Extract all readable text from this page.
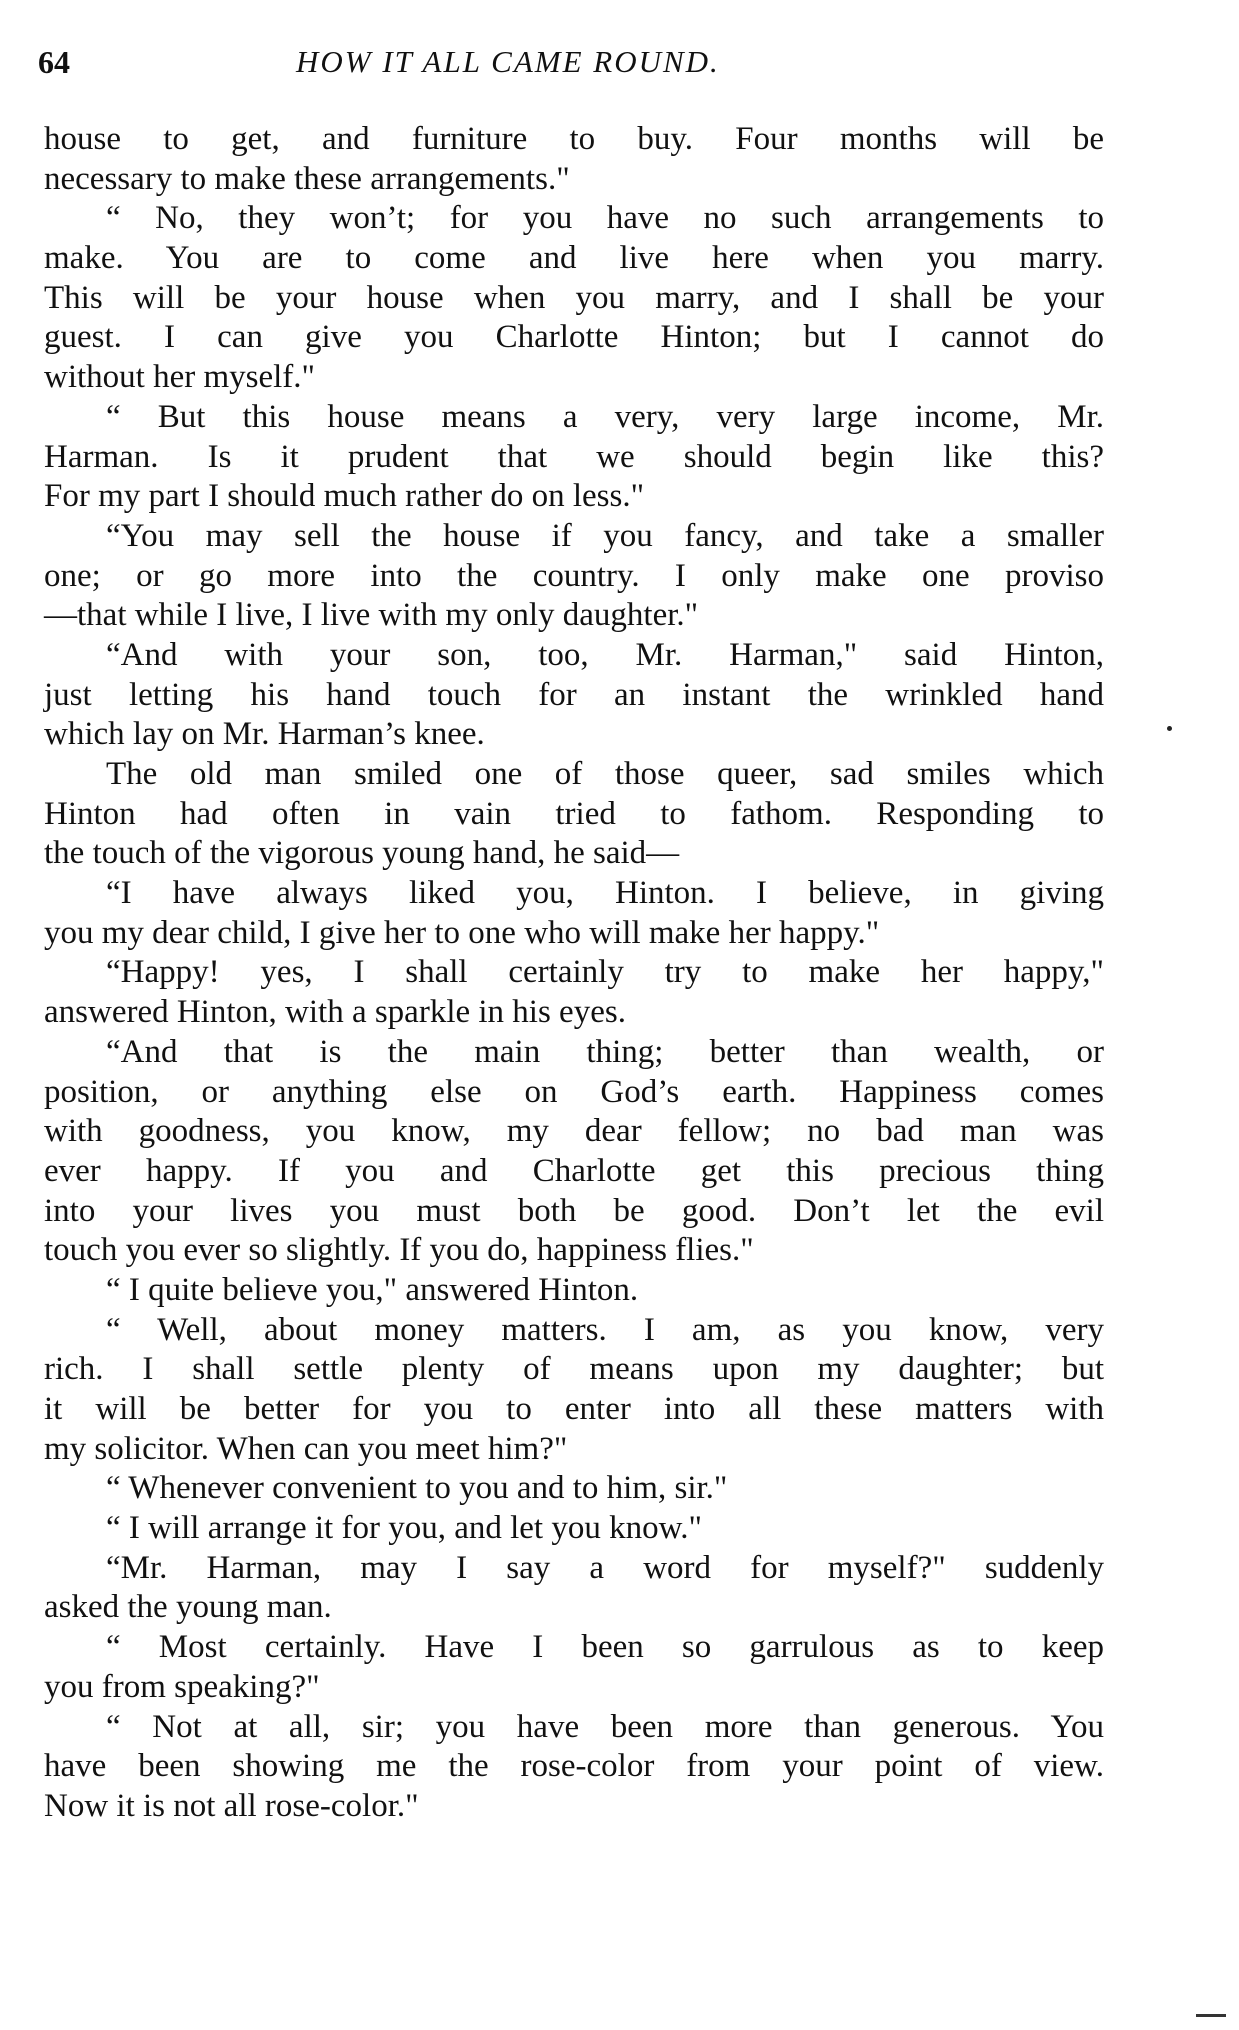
64	HOW IT ALL CAME ROUND.
house to get, and furniture to buy. Four months will be
necessary to make these arrangements."
“ No, they won’t; for you have no such arrangements to
make. You are to come and live here when you marry.
This will be your house when you marry, and I shall be your
guest. I can give you Charlotte Hinton; but I cannot do
without her myself."
“ But this house means a very, very large income, Mr.
Harman. Is it prudent that we should begin like this?
For my part I should much rather do on less."
“You may sell the house if you fancy, and take a smaller
one; or go more into the country. I only make one proviso
—that while I live, I live with my only daughter."
“And with your son, too, Mr. Harman," said Hinton,
just letting his hand touch for an instant the wrinkled hand
which lay on Mr. Harman’s knee.
The old man smiled one of those queer, sad smiles which
Hinton had often in vain tried to fathom. Responding to
the touch of the vigorous young hand, he said—
“I have always liked you, Hinton. I believe, in giving
you my dear child, I give her to one who will make her happy."
“Happy! yes, I shall certainly try to make her happy,"
answered Hinton, with a sparkle in his eyes.
“And that is the main thing; better than wealth, or
position, or anything else on God’s earth. Happiness comes
with goodness, you know, my dear fellow; no bad man was
ever happy. If you and Charlotte get this precious thing
into your lives you must both be good. Don’t let the evil
touch you ever so slightly. If you do, happiness flies."
“ I quite believe you," answered Hinton.
“ Well, about money matters. I am, as you know, very
rich. I shall settle plenty of means upon my daughter; but
it will be better for you to enter into all these matters with
my solicitor. When can you meet him?"
“ Whenever convenient to you and to him, sir."
“ I will arrange it for you, and let you know."
“Mr. Harman, may I say a word for myself?" suddenly
asked the young man.
“ Most certainly. Have I been so garrulous as to keep
you from speaking?"
“ Not at all, sir; you have been more than generous. You
have been showing me the rose-color from your point of view.
Now it is not all rose-color."
